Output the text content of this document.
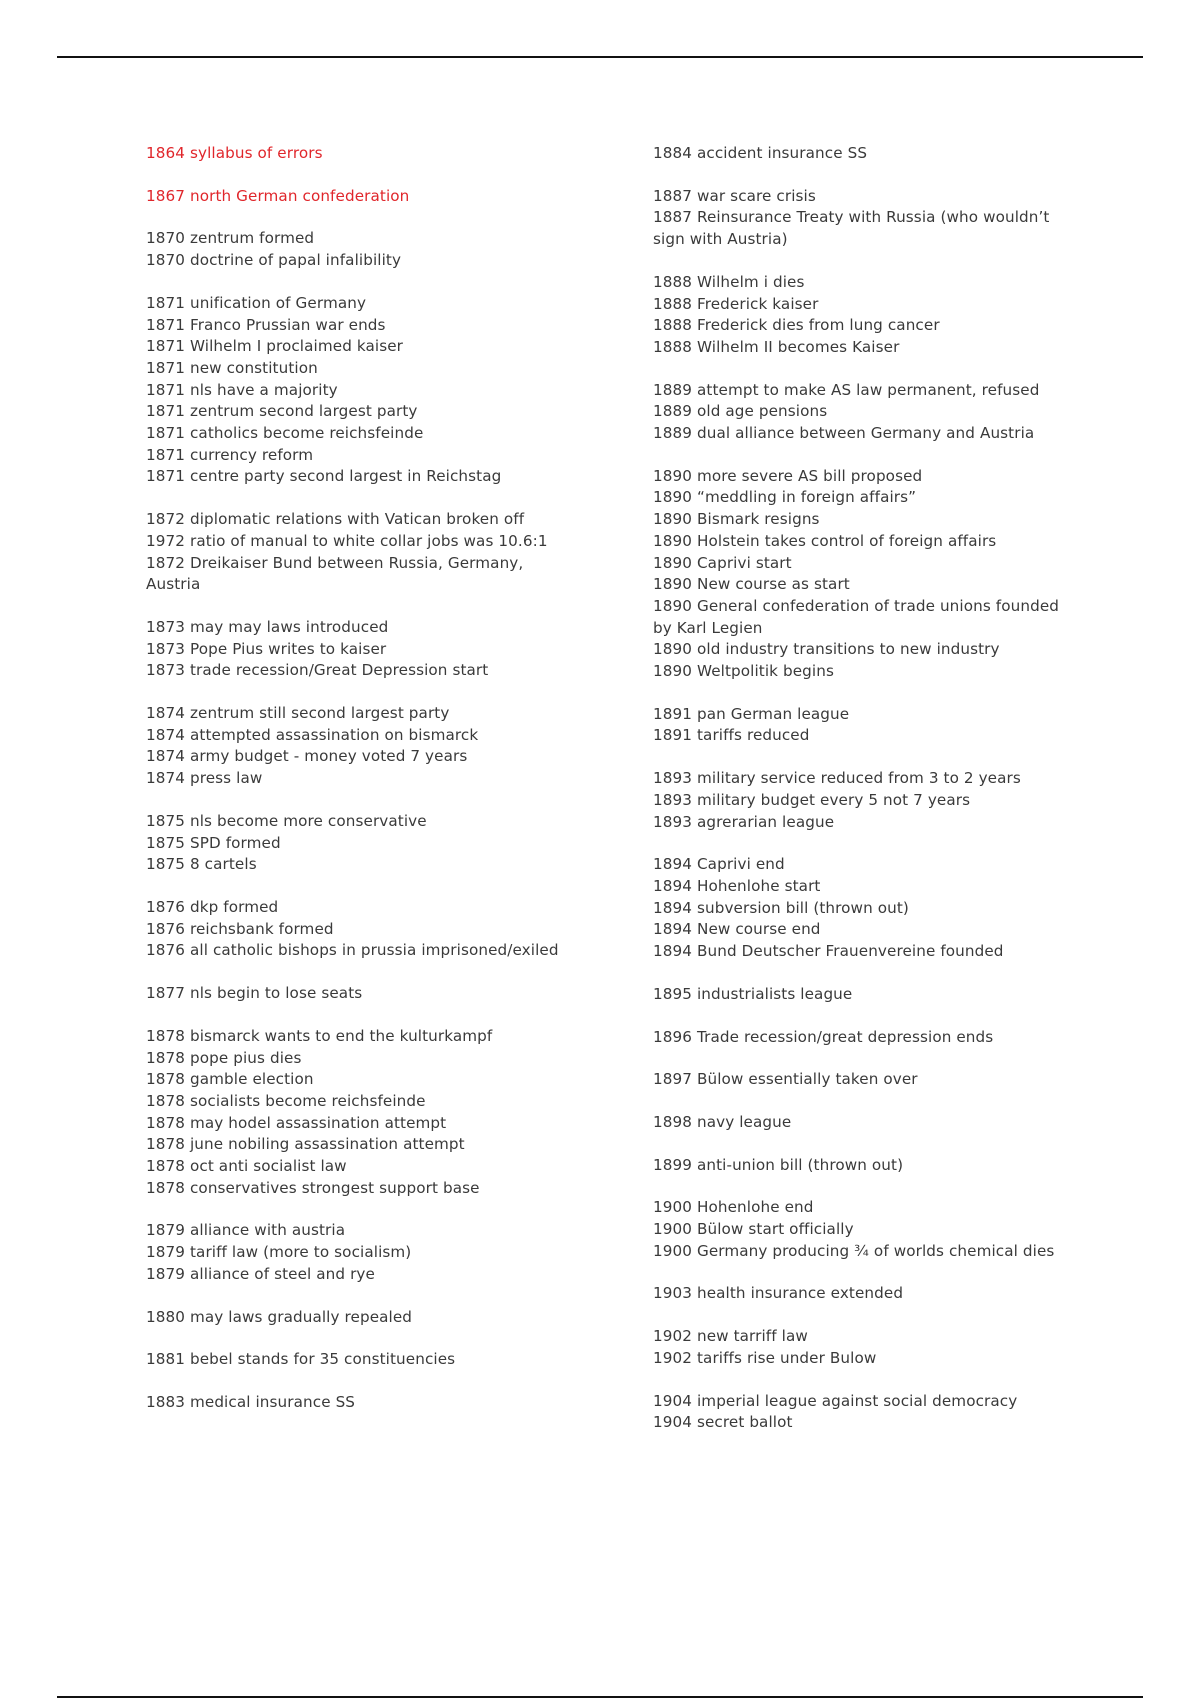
1864 syllabus of errors
1867 north German confederation
1870 zentrum formed
1870 doctrine of papal infalibility
1871 unification of Germany
1871 Franco Prussian war ends
1871 Wilhelm I proclaimed kaiser
1871 new constitution
1871 nls have a majority
1871 zentrum second largest party
1871 catholics become reichsfeinde
1871 currency reform
1871 centre party second largest in Reichstag
1872 diplomatic relations with Vatican broken off
1972 ratio of manual to white collar jobs was 10.6:1
1872 Dreikaiser Bund between Russia, Germany,
Austria
1873 may may laws introduced
1873 Pope Pius writes to kaiser
1873 trade recession/Great Depression start
1874 zentrum still second largest party
1874 attempted assassination on bismarck
1874 army budget - money voted 7 years
1874 press law
1875 nls become more conservative
1875 SPD formed
1875 8 cartels
1876 dkp formed
1876 reichsbank formed
1876 all catholic bishops in prussia imprisoned/exiled
1877 nls begin to lose seats
1878 bismarck wants to end the kulturkampf
1878 pope pius dies
1878 gamble election
1878 socialists become reichsfeinde
1878 may hodel assassination attempt
1878 june nobiling assassination attempt
1878 oct anti socialist law
1878 conservatives strongest support base
1879 alliance with austria
1879 tariff law (more to socialism)
1879 alliance of steel and rye
1880 may laws gradually repealed
1881 bebel stands for 35 constituencies
1883 medical insurance SS
1884 accident insurance SS
1887 war scare crisis
1887 Reinsurance Treaty with Russia (who wouldn’t
sign with Austria)
1888 Wilhelm i dies
1888 Frederick kaiser
1888 Frederick dies from lung cancer
1888 Wilhelm II becomes Kaiser
1889 attempt to make AS law permanent, refused
1889 old age pensions
1889 dual alliance between Germany and Austria
1890 more severe AS bill proposed
1890 “meddling in foreign affairs”
1890 Bismark resigns
1890 Holstein takes control of foreign affairs
1890 Caprivi start
1890 New course as start
1890 General confederation of trade unions founded
by Karl Legien
1890 old industry transitions to new industry
1890 Weltpolitik begins
1891 pan German league
1891 tariffs reduced
1893 military service reduced from 3 to 2 years
1893 military budget every 5 not 7 years
1893 agrerarian league
1894 Caprivi end
1894 Hohenlohe start
1894 subversion bill (thrown out)
1894 New course end
1894 Bund Deutscher Frauenvereine founded
1895 industrialists league
1896 Trade recession/great depression ends
1897 Bülow essentially taken over
1898 navy league
1899 anti-union bill (thrown out)
1900 Hohenlohe end
1900 Bülow start officially
1900 Germany producing ¾ of worlds chemical dies
1903 health insurance extended
1902 new tarriff law
1902 tariffs rise under Bulow
1904 imperial league against social democracy
1904 secret ballot
